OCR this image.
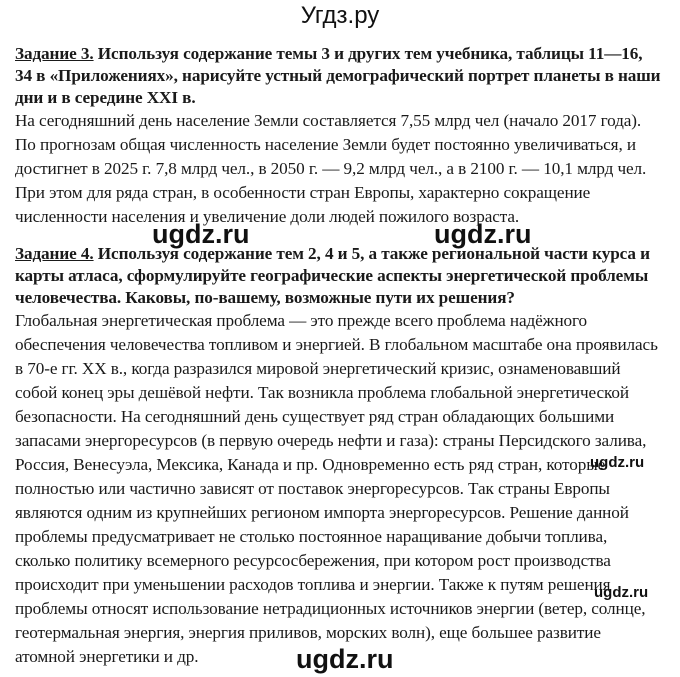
Угдз.ру
Задание 3. Используя содержание темы 3 и других тем учебника, таблицы 11—16,
34 в «Приложениях», нарисуйте устный демографический портрет планеты в наши
дни и в середине XXI в.
На сегодняшний день население Земли составляется 7,55 млрд чел (начало 2017 года).
По прогнозам общая численность население Земли будет постоянно увеличиваться, и
достигнет в 2025 г. 7,8 млрд чел., в 2050 г. — 9,2 млрд чел., а в 2100 г. — 10,1 млрд чел.
При этом для ряда стран, в особенности стран Европы, характерно сокращение
численности населения и увеличение доли людей пожилого возраста.
Задание 4. Используя содержание тем 2, 4 и 5, а также региональной части курса и
карты атласа, сформулируйте географические аспекты энергетической проблемы
человечества. Каковы, по-вашему, возможные пути их решения?
Глобальная энергетическая проблема — это прежде всего проблема надёжного
обеспечения человечества топливом и энергией. В глобальном масштабе она проявилась
в 70-е гг. XX в., когда разразился мировой энергетический кризис, ознаменовавший
собой конец эры дешёвой нефти. Так возникла проблема глобальной энергетической
безопасности. На сегодняшний день существует ряд стран обладающих большими
запасами энергоресурсов (в первую очередь нефти и газа): страны Персидского залива,
Россия, Венесуэла, Мексика, Канада и пр. Одновременно есть ряд стран, которые
полностью или частично зависят от поставок энергоресурсов. Так страны Европы
являются одним из крупнейших регионом импорта энергоресурсов. Решение данной
проблемы предусматривает не столько постоянное наращивание добычи топлива,
сколько политику всемерного ресурсосбережения, при котором рост производства
происходит при уменьшении расходов топлива и энергии. Также к путям решения
проблемы относят использование нетрадиционных источников энергии (ветер, солнце,
геотермальная энергия, энергия приливов, морских волн), еще большее развитие
атомной энергетики и др.
ugdz.ru	ugdz.ru
ugdz.ru
ugdz.ru
ugdz.ru
